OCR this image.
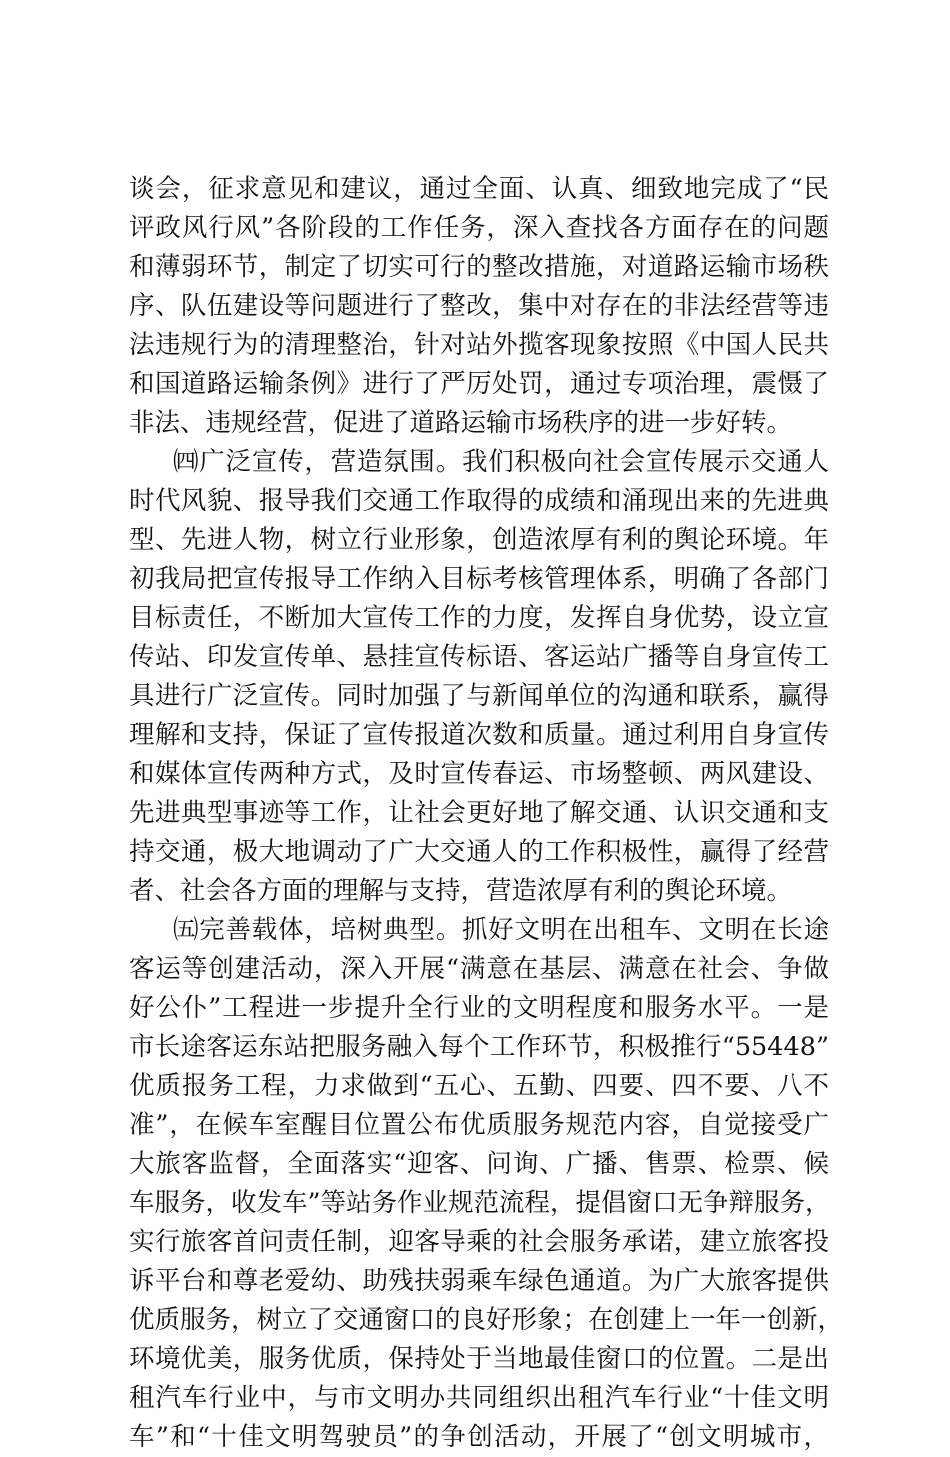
谈会，征求意见和建议，通过全面、认真、细致地完成了“民
评政风行风”各阶段的工作任务，深入查找各方面存在的问题
和薄弱环节，制定了切实可行的整改措施，对道路运输市场秩
序、队伍建设等问题进行了整改，集中对存在的非法经营等违
法违规行为的清理整治，针对站外揽客现象按照《中国人民共
和国道路运输条例》进行了严厉处罚，通过专项治理，震慑了
非法、违规经营，促进了道路运输市场秩序的进一步好转。
㈣广泛宣传，营造氛围。我们积极向社会宣传展示交通人
时代风貌、报导我们交通工作取得的成绩和涌现出来的先进典
型、先进人物，树立行业形象，创造浓厚有利的舆论环境。年
初我局把宣传报导工作纳入目标考核管理体系，明确了各部门
目标责任，不断加大宣传工作的力度，发挥自身优势，设立宣
传站、印发宣传单、悬挂宣传标语、客运站广播等自身宣传工
具进行广泛宣传。同时加强了与新闻单位的沟通和联系，赢得
理解和支持，保证了宣传报道次数和质量。通过利用自身宣传
和媒体宣传两种方式，及时宣传春运、市场整顿、两风建设、
先进典型事迹等工作，让社会更好地了解交通、认识交通和支
持交通，极大地调动了广大交通人的工作积极性，赢得了经营
者、社会各方面的理解与支持，营造浓厚有利的舆论环境。
㈤完善载体，培树典型。抓好文明在出租车、文明在长途
客运等创建活动，深入开展“满意在基层、满意在社会、争做
好公仆”工程进一步提升全行业的文明程度和服务水平。一是
市长途客运东站把服务融入每个工作环节，积极推行“55448”
优质报务工程，力求做到“五心、五勤、四要、四不要、八不
准”，在候车室醒目位置公布优质服务规范内容，自觉接受广
大旅客监督，全面落实“迎客、问询、广播、售票、检票、候
车服务，收发车”等站务作业规范流程，提倡窗口无争辩服务，
实行旅客首问责任制，迎客导乘的社会服务承诺，建立旅客投
诉平台和尊老爱幼、助残扶弱乘车绿色通道。为广大旅客提供
优质服务，树立了交通窗口的良好形象；在创建上一年一创新，
环境优美，服务优质，保持处于当地最佳窗口的位置。二是出
租汽车行业中，与市文明办共同组织出租汽车行业“十佳文明
车”和“十佳文明驾驶员”的争创活动，开展了“创文明城市，
